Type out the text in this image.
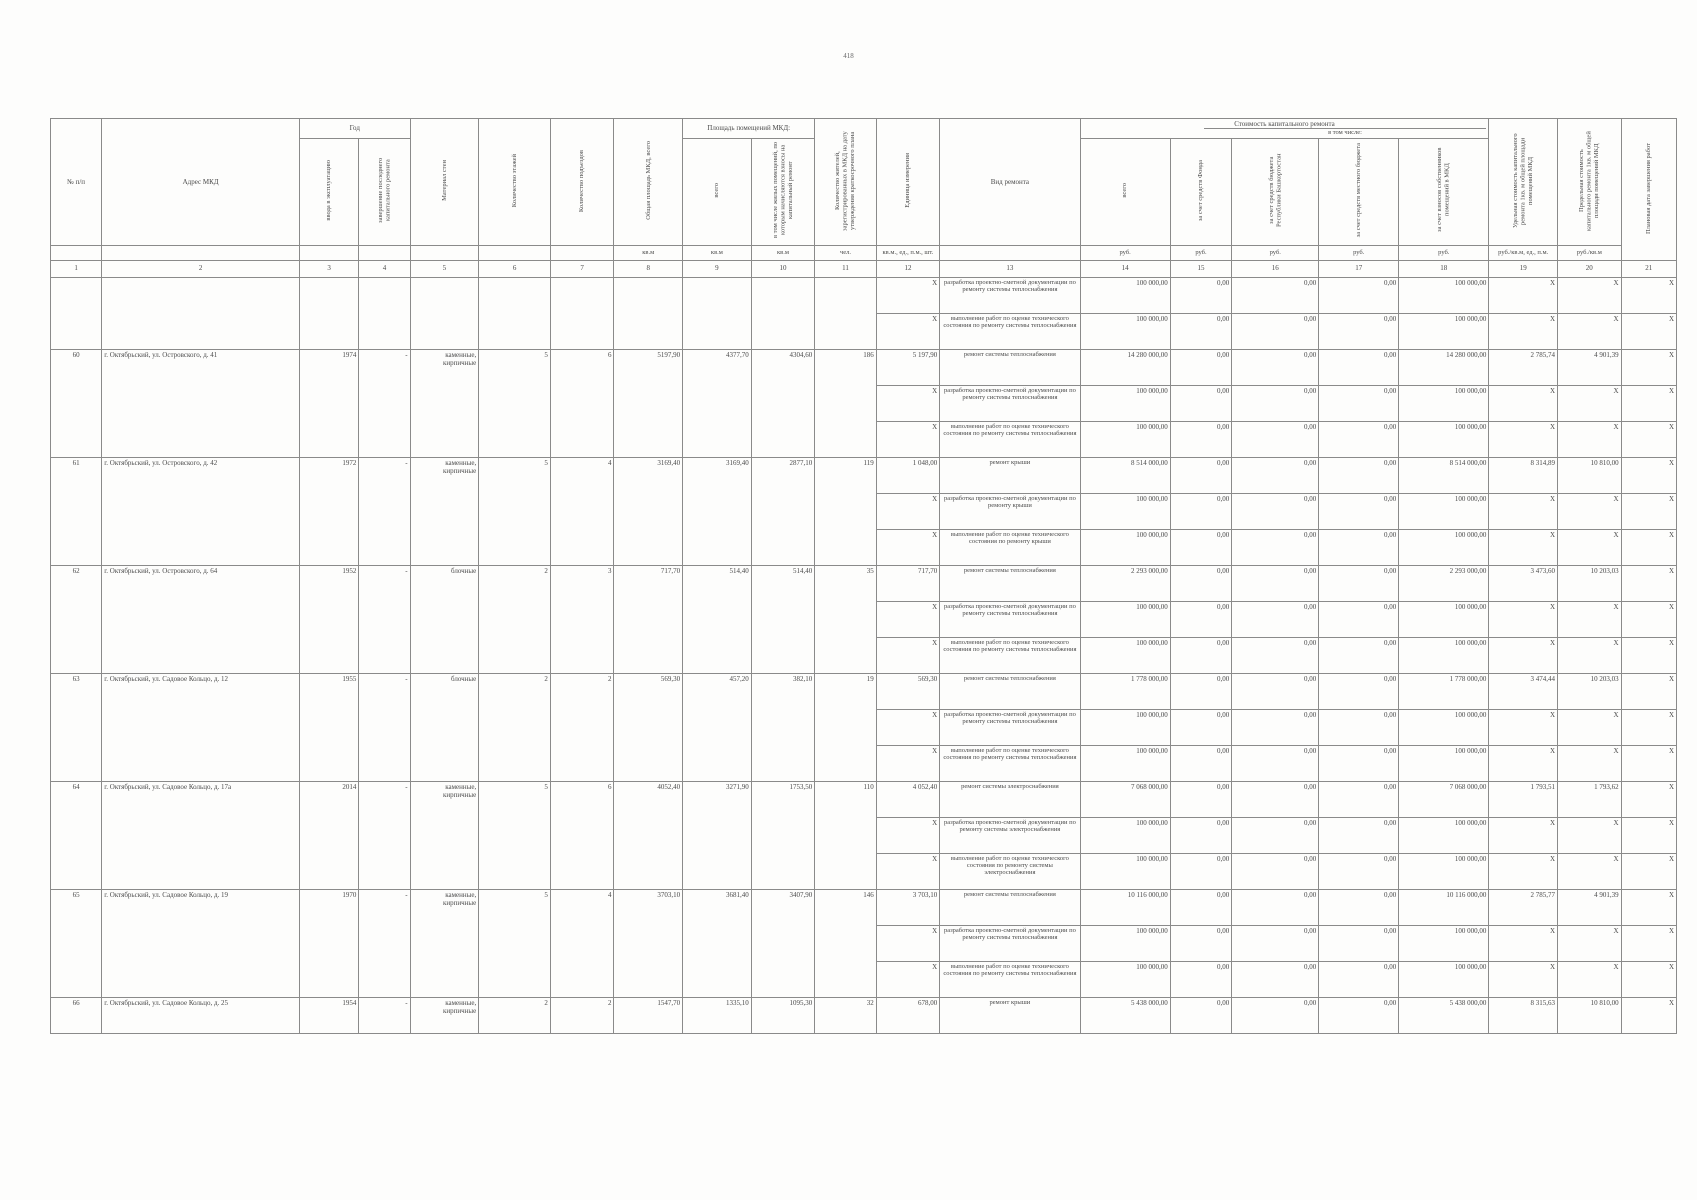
418
№ п/п	Адрес МКД	Год		Материал стен	Количество этажей	Количество подъездов	Общая площадь МКД, всего	Площадь помещений МКД:		Количество жителей, зарегистрированных в МКД на дату утверждения краткосрочного плана	Единица измерения	Вид ремонта	Стоимость капитального ремонта
в том числе:					Удельная стоимость капитального ремонта 1кв. м общей площади помещений МКД	Предельная стоимость капитального ремонта 1кв. м общей площади помещений МКД	Плановая дата завершения работ
		ввода в эксплуатацию	завершение последнего капитального ремонта					всего	в том числе жилых помещений, по которым начисляются взносы на капитальный ремонт				всего	за счет средств Фонда	за счет средств бюджета Республики Башкортостан	за счет средств местного бюджета	за счет взносов собственников помещений в МКД			
							кв.м	кв.м	кв.м	чел.	кв.м., ед., п.м., шт.		руб.	руб.	руб.	руб.	руб.	руб./кв.м, ед., п.м.	руб./кв.м	
1	2	3	4	5	6	7	8	9	10	11	12	13	14	15	16	17	18	19	20	21
											X	разработка проектно-сметной документации по ремонту системы теплоснабжения	100 000,00	0,00	0,00	0,00	100 000,00	X	X	X
											X	выполнение работ по оценке технического состояния по ремонту системы теплоснабжения	100 000,00	0,00	0,00	0,00	100 000,00	X	X	X
60	г. Октябрьский, ул. Островского, д. 41	1974	-	каменные, кирпичные	5	6	5197,90	4377,70	4304,60	186	5 197,90	ремонт системы теплоснабжения	14 280 000,00	0,00	0,00	0,00	14 280 000,00	2 785,74	4 901,39	X
											X	разработка проектно-сметной документации по ремонту системы теплоснабжения	100 000,00	0,00	0,00	0,00	100 000,00	X	X	X
											X	выполнение работ по оценке технического состояния по ремонту системы теплоснабжения	100 000,00	0,00	0,00	0,00	100 000,00	X	X	X
61	г. Октябрьский, ул. Островского, д. 42	1972	-	каменные, кирпичные	5	4	3169,40	3169,40	2877,10	119	1 048,00	ремонт крыши	8 514 000,00	0,00	0,00	0,00	8 514 000,00	8 314,89	10 810,00	X
											X	разработка проектно-сметной документации по ремонту крыши	100 000,00	0,00	0,00	0,00	100 000,00	X	X	X
											X	выполнение работ по оценке технического состояния по ремонту крыши	100 000,00	0,00	0,00	0,00	100 000,00	X	X	X
62	г. Октябрьский, ул. Островского, д. 64	1952	-	блочные	2	3	717,70	514,40	514,40	35	717,70	ремонт системы теплоснабжения	2 293 000,00	0,00	0,00	0,00	2 293 000,00	3 473,60	10 203,03	X
											X	разработка проектно-сметной документации по ремонту системы теплоснабжения	100 000,00	0,00	0,00	0,00	100 000,00	X	X	X
											X	выполнение работ по оценке технического состояния по ремонту системы теплоснабжения	100 000,00	0,00	0,00	0,00	100 000,00	X	X	X
63	г. Октябрьский, ул. Садовое Кольцо, д. 12	1955	-	блочные	2	2	569,30	457,20	382,10	19	569,30	ремонт системы теплоснабжения	1 778 000,00	0,00	0,00	0,00	1 778 000,00	3 474,44	10 203,03	X
											X	разработка проектно-сметной документации по ремонту системы теплоснабжения	100 000,00	0,00	0,00	0,00	100 000,00	X	X	X
											X	выполнение работ по оценке технического состояния по ремонту системы теплоснабжения	100 000,00	0,00	0,00	0,00	100 000,00	X	X	X
64	г. Октябрьский, ул. Садовое Кольцо, д. 17а	2014	-	каменные, кирпичные	5	6	4052,40	3271,90	1753,50	110	4 052,40	ремонт системы электроснабжения	7 068 000,00	0,00	0,00	0,00	7 068 000,00	1 793,51	1 793,62	X
											X	разработка проектно-сметной документации по ремонту системы электроснабжения	100 000,00	0,00	0,00	0,00	100 000,00	X	X	X
											X	выполнение работ по оценке технического состояния по ремонту системы электроснабжения	100 000,00	0,00	0,00	0,00	100 000,00	X	X	X
65	г. Октябрьский, ул. Садовое Кольцо, д. 19	1970	-	каменные, кирпичные	5	4	3703,10	3681,40	3407,90	146	3 703,10	ремонт системы теплоснабжения	10 116 000,00	0,00	0,00	0,00	10 116 000,00	2 785,77	4 901,39	X
											X	разработка проектно-сметной документации по ремонту системы теплоснабжения	100 000,00	0,00	0,00	0,00	100 000,00	X	X	X
											X	выполнение работ по оценке технического состояния по ремонту системы теплоснабжения	100 000,00	0,00	0,00	0,00	100 000,00	X	X	X
66	г. Октябрьский, ул. Садовое Кольцо, д. 25	1954	-	каменные, кирпичные	2	2	1547,70	1335,10	1095,30	32	678,00	ремонт крыши	5 438 000,00	0,00	0,00	0,00	5 438 000,00	8 315,63	10 810,00	X
